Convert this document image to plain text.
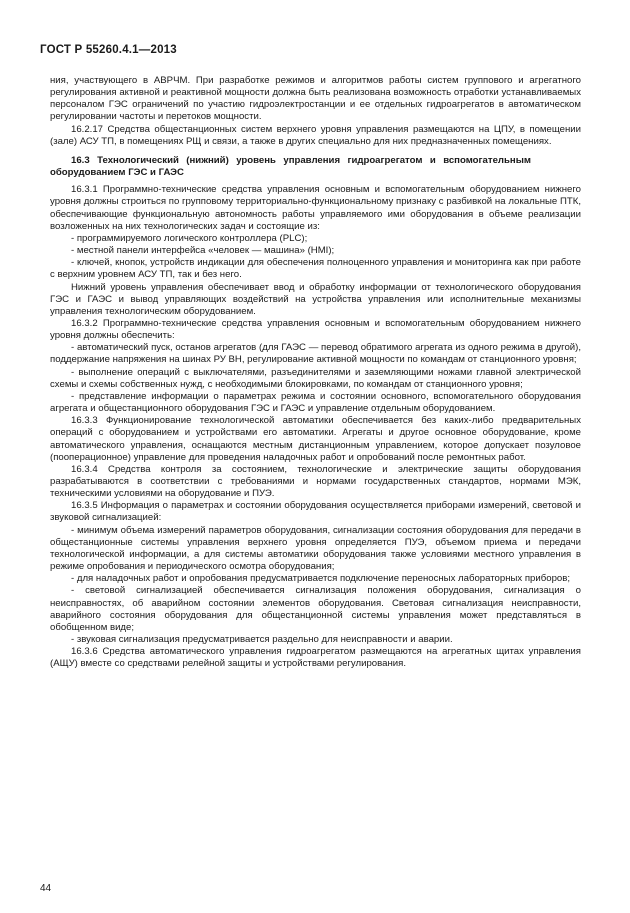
ГОСТ Р 55260.4.1—2013

ния, участвующего в АВРЧМ. При разработке режимов и алгоритмов работы систем группового и агрегатного регулирования активной и реактивной мощности должна быть реализована возможность отработки устанавливаемых персоналом ГЭС ограничений по участию гидроэлектростанции и ее отдельных гидроагрегатов в автоматическом регулировании частоты и перетоков мощности.

16.2.17 Средства общестанционных систем верхнего уровня управления размещаются на ЦПУ, в помещении (зале) АСУ ТП, в помещениях РЩ и связи, а также в других специально для них предназначенных помещениях.

16.3 Технологический (нижний) уровень управления гидроагрегатом и вспомогательным оборудованием ГЭС и ГАЭС

16.3.1 Программно-технические средства управления основным и вспомогательным оборудованием нижнего уровня должны строиться по групповому территориально-функциональному признаку с разбивкой на локальные ПТК, обеспечивающие функциональную автономность работы управляемого ими оборудования в объеме реализации возложенных на них технологических задач и состоящие из:

- программируемого логического контроллера (PLC);

- местной панели интерфейса «человек — машина» (HMI);

- ключей, кнопок, устройств индикации для обеспечения полноценного управления и мониторинга как при работе с верхним уровнем АСУ ТП, так и без него.

Нижний уровень управления обеспечивает ввод и обработку информации от технологического оборудования ГЭС и ГАЭС и вывод управляющих воздействий на устройства управления или исполнительные механизмы управления технологическим оборудованием.

16.3.2 Программно-технические средства управления основным и вспомогательным оборудованием нижнего уровня должны обеспечить:

- автоматический пуск, останов агрегатов (для ГАЭС — перевод обратимого агрегата из одного режима в другой), поддержание напряжения на шинах РУ ВН, регулирование активной мощности по командам от станционного уровня;

- выполнение операций с выключателями, разъединителями и заземляющими ножами главной электрической схемы и схемы собственных нужд, с необходимыми блокировками, по командам от станционного уровня;

- представление информации о параметрах режима и состоянии основного, вспомогательного оборудования агрегата и общестанционного оборудования ГЭС и ГАЭС и управление отдельным оборудованием.

16.3.3 Функционирование технологической автоматики обеспечивается без каких-либо предварительных операций с оборудованием и устройствами его автоматики. Агрегаты и другое основное оборудование, кроме автоматического управления, оснащаются местным дистанционным управлением, которое допускает позуловое (пооперационное) управление для проведения наладочных работ и опробований после ремонтных работ.

16.3.4 Средства контроля за состоянием, технологические и электрические защиты оборудования разрабатываются в соответствии с требованиями и нормами государственных стандартов, нормами МЭК, техническими условиями на оборудование и ПУЭ.

16.3.5 Информация о параметрах и состоянии оборудования осуществляется приборами измерений, световой и звуковой сигнализацией:

- минимум объема измерений параметров оборудования, сигнализации состояния оборудования для передачи в общестанционные системы управления верхнего уровня определяется ПУЭ, объемом приема и передачи технологической информации, а для системы автоматики оборудования также условиями местного управления в режиме опробования и периодического осмотра оборудования;

- для наладочных работ и опробования предусматривается подключение переносных лабораторных приборов;

- световой сигнализацией обеспечивается сигнализация положения оборудования, сигнализация о неисправностях, об аварийном состоянии элементов оборудования. Световая сигнализация неисправности, аварийного состояния оборудования для общестанционной системы управления может представляться в обобщенном виде;

- звуковая сигнализация предусматривается раздельно для неисправности и аварии.

16.3.6 Средства автоматического управления гидроагрегатом размещаются на агрегатных щитах управления (АЩУ) вместе со средствами релейной защиты и устройствами регулирования.

44
